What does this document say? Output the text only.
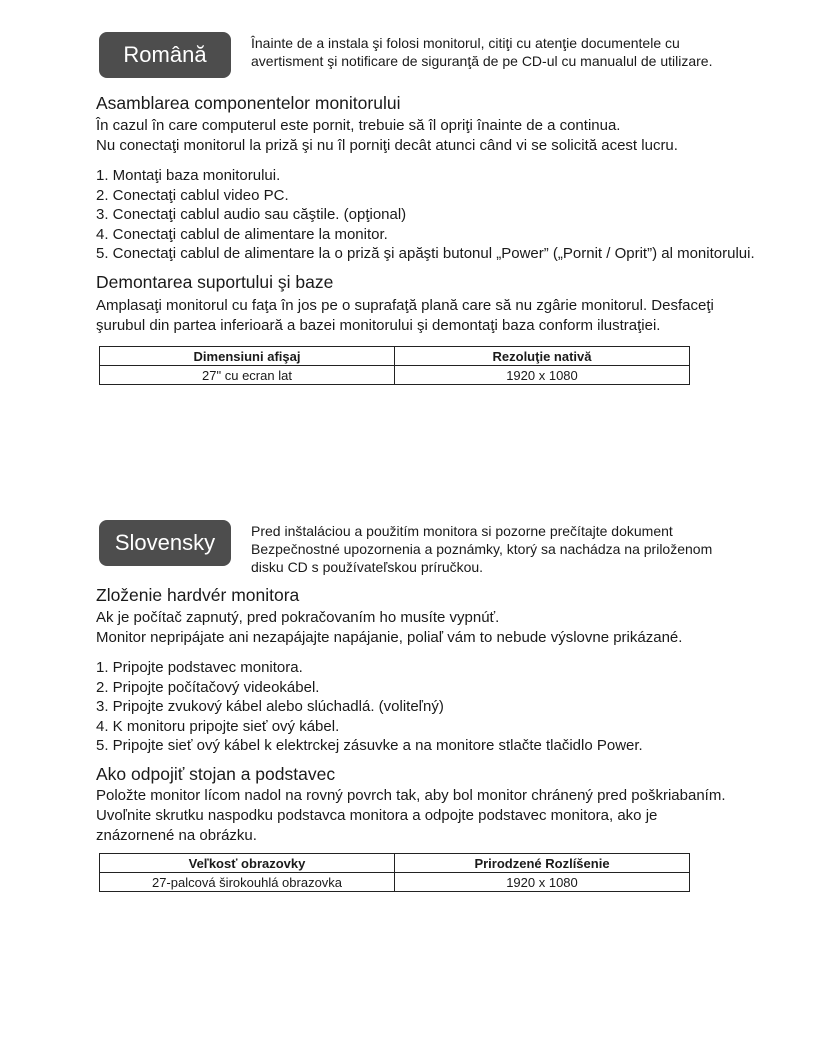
Română	Înainte de a instala şi folosi monitorul, citiţi cu atenţie documentele cu
avertisment şi notificare de siguranţă de pe CD-ul cu manualul de utilizare.
Asamblarea componentelor monitorului

În cazul în care computerul este pornit, trebuie să îl opriţi înainte de a continua.

Nu conectaţi monitorul la priză şi nu îl porniţi decât atunci când vi se solicită acest lucru.

1. Montaţi baza monitorului.
2. Conectaţi cablul video PC.
3. Conectaţi cablul audio sau căştile. (opţional)
4. Conectaţi cablul de alimentare la monitor.
5. Conectaţi cablul de alimentare la o priză şi apăşti butonul „Power” („Pornit / Oprit”) al monitorului.
Demontarea suportului şi baze

Amplasaţi monitorul cu faţa în jos pe o suprafaţă plană care să nu zgârie monitorul. Desfaceţi

şurubul din partea inferioară a bazei monitorului şi demontaţi baza conform ilustraţiei.

Dimensiuni afişaj	Rezoluţie nativă
27" cu ecran lat	1920 x 1080
Slovensky	Pred inštaláciou a použitím monitora si pozorne prečítajte dokument
Bezpečnostné upozornenia a poznámky, ktorý sa nachádza na priloženom
disku CD s používateľskou príručkou.
Zloženie hardvér monitora

Ak je počítač zapnutý, pred pokračovaním ho musíte vypnúť.

Monitor nepripájate ani nezapájajte napájanie, poliaľ vám to nebude výslovne prikázané.

1. Pripojte podstavec monitora.
2. Pripojte počítačový videokábel.
3. Pripojte zvukový kábel alebo slúchadlá. (voliteľný)
4. K monitoru pripojte sieť ový kábel.
5. Pripojte sieť ový kábel k elektrckej zásuvke a na monitore stlačte tlačidlo Power.
Ako odpojiť stojan a podstavec

Položte monitor lícom nadol na rovný povrch tak, aby bol monitor chránený pred poškriabaním.

Uvoľnite skrutku naspodku podstavca monitora a odpojte podstavec monitora, ako je

znázornené na obrázku.

Veľkosť obrazovky	Prirodzené Rozlíšenie
27-palcová širokouhlá obrazovka	1920 x 1080
